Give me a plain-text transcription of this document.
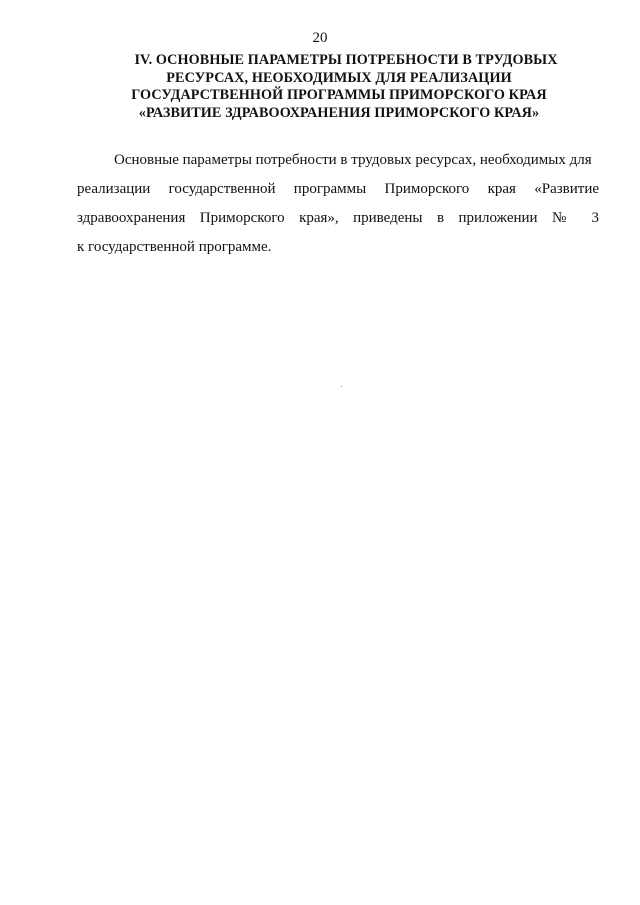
20
IV. ОСНОВНЫЕ ПАРАМЕТРЫ ПОТРЕБНОСТИ В ТРУДОВЫХ
РЕСУРСАХ, НЕОБХОДИМЫХ ДЛЯ РЕАЛИЗАЦИИ
ГОСУДАРСТВЕННОЙ ПРОГРАММЫ ПРИМОРСКОГО КРАЯ
«РАЗВИТИЕ ЗДРАВООХРАНЕНИЯ ПРИМОРСКОГО КРАЯ»
Основные параметры потребности в трудовых ресурсах, необходимых для
реализации государственной программы Приморского края «Развитие
здравоохранения Приморского края», приведены в приложении № 3
к государственной программе.
